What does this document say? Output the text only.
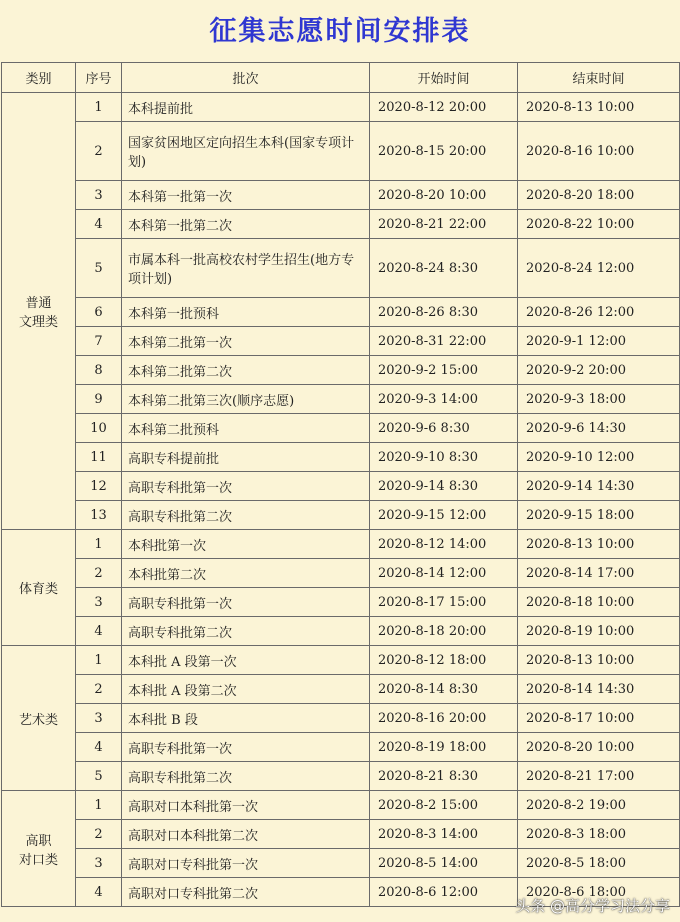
征集志愿时间安排表
类别	序号	批次	开始时间	结束时间
普通
文理类	1	本科提前批	2020-8-12 20:00	2020-8-13 10:00
	2	国家贫困地区定向招生本科(国家专项计划)	2020-8-15 20:00	2020-8-16 10:00
	3	本科第一批第一次	2020-8-20 10:00	2020-8-20 18:00
	4	本科第一批第二次	2020-8-21 22:00	2020-8-22 10:00
	5	市属本科一批高校农村学生招生(地方专项计划)	2020-8-24 8:30	2020-8-24 12:00
	6	本科第一批预科	2020-8-26 8:30	2020-8-26 12:00
	7	本科第二批第一次	2020-8-31 22:00	2020-9-1 12:00
	8	本科第二批第二次	2020-9-2 15:00	2020-9-2 20:00
	9	本科第二批第三次(顺序志愿)	2020-9-3 14:00	2020-9-3 18:00
	10	本科第二批预科	2020-9-6 8:30	2020-9-6 14:30
	11	高职专科提前批	2020-9-10 8:30	2020-9-10 12:00
	12	高职专科批第一次	2020-9-14 8:30	2020-9-14 14:30
	13	高职专科批第二次	2020-9-15 12:00	2020-9-15 18:00
体育类	1	本科批第一次	2020-8-12 14:00	2020-8-13 10:00
	2	本科批第二次	2020-8-14 12:00	2020-8-14 17:00
	3	高职专科批第一次	2020-8-17 15:00	2020-8-18 10:00
	4	高职专科批第二次	2020-8-18 20:00	2020-8-19 10:00
艺术类	1	本科批 A 段第一次	2020-8-12 18:00	2020-8-13 10:00
	2	本科批 A 段第二次	2020-8-14 8:30	2020-8-14 14:30
	3	本科批 B 段	2020-8-16 20:00	2020-8-17 10:00
	4	高职专科批第一次	2020-8-19 18:00	2020-8-20 10:00
	5	高职专科批第二次	2020-8-21 8:30	2020-8-21 17:00
高职
对口类	1	高职对口本科批第一次	2020-8-2 15:00	2020-8-2 19:00
	2	高职对口本科批第二次	2020-8-3 14:00	2020-8-3 18:00
	3	高职对口专科批第一次	2020-8-5 14:00	2020-8-5 18:00
	4	高职对口专科批第二次	2020-8-6 12:00	2020-8-6 18:00
头条 @高分学习法分享
